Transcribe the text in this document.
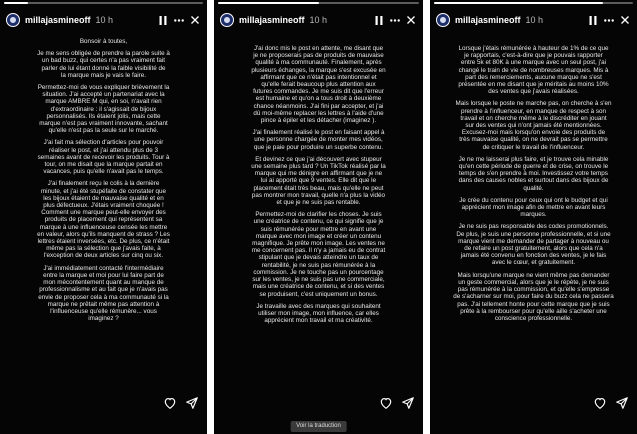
millajasmineoff 10 h

Bonsoir à toutes,

Je me sens obligée de prendre la parole suite à
un bad buzz, qui certes n'a pas vraiment fait
parler de lui étant donné la faible visibilité de
la marque mais je vais le faire.

Permettez-moi de vous expliquer brièvement la
situation. J'ai accepté un partenariat avec la
marque AMBRE M qui, en soi, n'avait rien
d'extraordinaire : il s'agissait de bijoux
personnalisés. Ils étaient jolis, mais cette
marque n'est pas vraiment innovante, sachant
qu'elle n'est pas la seule sur le marché.

J'ai fait ma sélection d'articles pour pouvoir
réaliser le post, et j'ai attendu plus de 3
semaines avant de recevoir les produits. Tour à
tour, on me disait que la marque partait en
vacances, puis qu'elle n'avait pas le temps.

J'ai finalement reçu le colis à la dernière
minute, et j'ai été stupéfaite de constater que
les bijoux étaient de mauvaise qualité et en
plus défectueux. J'étais vraiment choquée !
Comment une marque peut-elle envoyer des
produits de placement qui représentent sa
marque à une influenceuse censée les mettre
en valeur, alors qu'ils manquent de strass ? Les
lettres étaient inversées, etc. De plus, ce n'était
même pas la sélection que j'avais faite, à
l'exception de deux articles sur cinq ou six.

J'ai immédiatement contacté l'intermédiaire
entre la marque et moi pour lui faire part de
mon mécontentement quant au manque de
professionnalisme et au fait que je n'avais pas
envie de proposer cela à ma communauté si la
marque ne prêtait même pas attention à
l'influenceuse qu'elle rémunère... vous
imaginez ?

millajasmineoff 10 h

J'ai donc mis le post en attente, me disant que
je ne proposerais pas de produits de mauvaise
qualité à ma communauté. Finalement, après
plusieurs échanges, la marque s'est excusée en
affirmant que ce n'était pas intentionnel et
qu'elle ferait beaucoup plus attention aux
futures commandes. Je me suis dit que l'erreur
est humaine et qu'on a tous droit à deuxième
chance néanmoins. J'ai fini par accepter, et j'ai
dû moi-même replacer les lettres à l'aide d'une
pince à épiler et les détacher (imaginez ).

J'ai finalement réalisé le post en faisant appel à
une personne chargée de monter mes vidéos,
que je paie pour produire un superbe contenu.

Et devinez ce que j'ai découvert avec stupeur
une semaine plus tard ? Un TikTok réalisé par la
marque qui me dénigre en affirmant que je ne
lui ai apporté que 9 ventes. Elle dit que le
placement était très beau, mais qu'elle ne peut
pas montrer mon travail, quelle n'a plus la vidéo
et que je ne suis pas rentable.

Permettez-moi de clarifier les choses. Je suis
une créatrice de contenu, ce qui signifie que je
suis rémunérée pour mettre en avant une
marque avec mon image et créer un contenu
magnifique. Je prête mon image. Les ventes ne
me concernent pas. Il n'y a jamais eu de contrat
stipulant que je devais atteindre un taux de
rentabilité, je ne suis pas rémunérée à la
commission. Je ne touche pas un pourcentage
sur les ventes, je ne suis pas une commerciale,
mais une créatrice de contenu, et si des ventes
se produisent, c'est uniquement un bonus.

Je travaille avec des marques qui souhaitent
utiliser mon image, mon influence, car elles
apprécient mon travail et ma créativité.

Voir la traduction
millajasmineoff 10 h

Lorsque j'étais rémunérée à hauteur de 1% de ce que
je rapportais, c'est-à-dire que je pouvais rapporter
entre 5k et 80K à une marque avec un seul post, j'ai
changé le train de vie de nombreuses marques. Mis à
part des remerciements, aucune marque ne s'est
présentée en me disant que je méritais au moins 10%
des ventes que j'avais réalisées.

Mais lorsque le poste ne marche pas, on cherche à s'en
prendre à l'influenceur, en manque de respect à son
travail et on cherche même à le discréditer en jouant
sur des ventes qui n'ont jamais été mentionnées.
Excusez-moi mais lorsqu'on envoie des produits de
très mauvaise qualité, on ne devrait pas se permettre
de critiquer le travail de l'influenceur.

Je ne me laisserai plus faire, et je trouve cela minable
qu'en cette période de guerre et de crise, on trouve le
temps de s'en prendre à moi. Investissez votre temps
dans des causes nobles et surtout dans des bijoux de
qualité.

Je crée du contenu pour ceux qui ont le budget et qui
apprécient mon image afin de mettre en avant leurs
marques.

Je ne suis pas responsable des codes promotionnels.
De plus, je suis une personne professionnelle, et si une
marque vient me demander de partager à nouveau ou
de refaire un post gratuitement, alors que cela n'a
jamais été convenu en fonction des ventes, je le fais
avec le cœur, et gratuitement.

Mais lorsqu'une marque ne vient même pas demander
un geste commercial, alors que je le répète, je ne suis
pas rémunérée à la commission, et qu'elle s'empresse
de s'acharner sur moi, pour faire du buzz cela ne passera
pas. J'ai tellement honte pour cette marque que je suis
prête à la rembourser pour qu'elle aille s'acheter une
conscience professionnelle.
